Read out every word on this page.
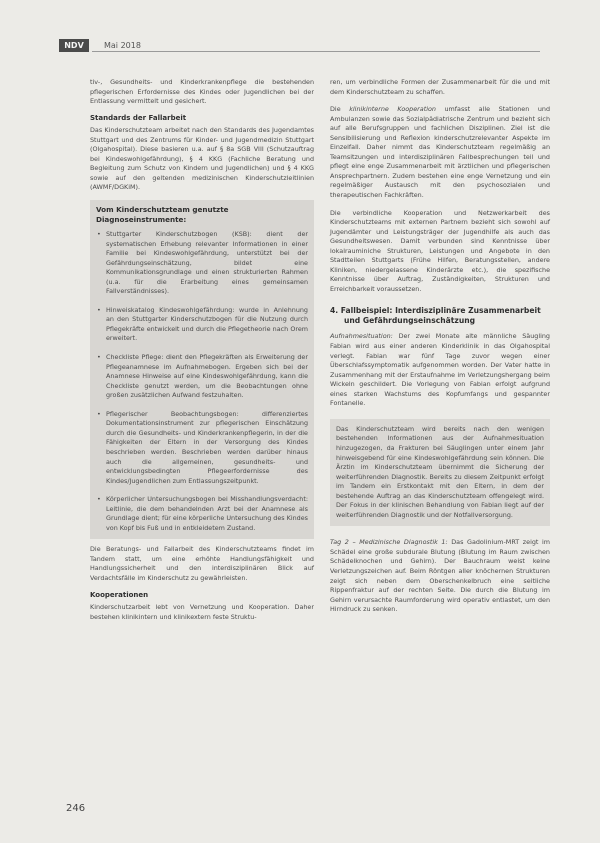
NDV	Mai 2018

tiv-, Gesundheits- und Kinderkrankenpflege die bestehenden pflegerischen Erfordernisse des Kindes oder Jugendlichen bei der Entlassung vermittelt und gesichert.

Standards der Fallarbeit

Das Kinderschutzteam arbeitet nach den Standards des Jugendamtes Stuttgart und des Zentrums für Kinder- und Jugendmedizin Stuttgart (Olgahospital). Diese basieren u.a. auf § 8a SGB VIII (Schutzauftrag bei Kindeswohlgefährdung), § 4 KKG (Fachliche Beratung und Begleitung zum Schutz von Kindern und Jugendlichen) und § 4 KKG sowie auf den geltenden medizinischen Kinderschutzleitlinien (AWMF/DGKiM).

Vom Kinderschutzteam genutzte Diagnoseinstrumente:
• Stuttgarter Kinderschutzbogen (KSB): dient der systematischen Erhebung relevanter Informationen in einer Familie bei Kindeswohlgefährdung, unterstützt bei der Gefährdungseinschätzung, bildet eine Kommunikationsgrundlage und einen strukturierten Rahmen (u.a. für die Erarbeitung eines gemeinsamen Fallverständnisses).
• Hinweiskatalog Kindeswohlgefährdung: wurde in Anlehnung an den Stuttgarter Kinderschutzbogen für die Nutzung durch Pflegekräfte entwickelt und durch die Pflegetheorie nach Orem erweitert.
• Checkliste Pflege: dient den Pflegekräften als Erweiterung der Pflegeanamnese im Aufnahmebogen. Ergeben sich bei der Anamnese Hinweise auf eine Kindeswohlgefährdung, kann die Checkliste genutzt werden, um die Beobachtungen ohne großen zusätzlichen Aufwand festzuhalten.
• Pflegerischer Beobachtungsbogen: differenziertes Dokumentationsinstrument zur pflegerischen Einschätzung durch die Gesundheits- und Kinderkrankenpflegerin, in der die Fähigkeiten der Eltern in der Versorgung des Kindes beschrieben werden. Beschrieben werden darüber hinaus auch die allgemeinen, gesundheits- und entwicklungsbedingten Pflegeerfordernisse des Kindes/Jugendlichen zum Entlassungszeitpunkt.
• Körperlicher Untersuchungsbogen bei Misshandlungsverdacht: Leitlinie, die dem behandelnden Arzt bei der Anamnese als Grundlage dient; für eine körperliche Untersuchung des Kindes von Kopf bis Fuß und in entkleidetem Zustand.

Die Beratungs- und Fallarbeit des Kinderschutzteams findet im Tandem statt, um eine erhöhte Handlungsfähigkeit und Handlungssicherheit und den interdisziplinären Blick auf Verdachtsfälle im Kinderschutz zu gewährleisten.

Kooperationen

Kinderschutzarbeit lebt von Vernetzung und Kooperation. Daher bestehen klinikintern und klinikextern feste Struktu-

ren, um verbindliche Formen der Zusammenarbeit für die und mit dem Kinderschutzteam zu schaffen.

Die klinikinterne Kooperation umfasst alle Stationen und Ambulanzen sowie das Sozialpädiatrische Zentrum und bezieht sich auf alle Berufsgruppen und fachlichen Disziplinen. Ziel ist die Sensibilisierung und Reflexion kinderschutzrelevanter Aspekte im Einzelfall. Daher nimmt das Kinderschutzteam regelmäßig an Teamsitzungen und interdisziplinären Fallbesprechungen teil und pflegt eine enge Zusammenarbeit mit ärztlichen und pflegerischen Ansprechpartnern. Zudem bestehen eine enge Vernetzung und ein regelmäßiger Austausch mit den psychosozialen und therapeutischen Fachkräften.

Die verbindliche Kooperation und Netzwerkarbeit des Kinderschutzteams mit externen Partnern bezieht sich sowohl auf Jugendämter und Leistungsträger der Jugendhilfe als auch das Gesundheitswesen. Damit verbunden sind Kenntnisse über lokalrauminiche Strukturen, Leistungen und Angebote in den Stadtteilen Stuttgarts (Frühe Hilfen, Beratungsstellen, andere Kliniken, niedergelassene Kinderärzte etc.), die spezifische Kenntnisse über Auftrag, Zuständigkeiten, Strukturen und Erreichbarkeit voraussetzen.

4. Fallbeispiel: Interdisziplinäre Zusammenarbeit und Gefährdungseinschätzung

Aufnahmesituation: Der zwei Monate alte männliche Säugling Fabian wird aus einer anderen Kinderklinik in das Olgahospital verlegt. Fabian war fünf Tage zuvor wegen einer Überschlafssymptomatik aufgenommen worden. Der Vater hatte in Zusammenhang mit der Erstaufnahme im Verletzungshergang beim Wickeln geschildert. Die Vorlegung von Fabian erfolgt aufgrund eines starken Wachstums des Kopfumfangs und gespannter Fontanelle.

Das Kinderschutzteam wird bereits nach den wenigen bestehenden Informationen aus der Aufnahmesituation hinzugezogen, da Frakturen bei Säuglingen unter einem Jahr hinweisgebend für eine Kindeswohlgefährdung sein können. Die Ärztin im Kinderschutzteam übernimmt die Sicherung der weiterführenden Diagnostik. Bereits zu diesem Zeitpunkt erfolgt im Tandem ein Erstkontakt mit den Eltern, in dem der bestehende Auftrag an das Kinderschutzteam offengelegt wird. Der Fokus in der klinischen Behandlung von Fabian liegt auf der weiterführenden Diagnostik und der Notfallversorgung.

Tag 2 – Medizinische Diagnostik 1: Das Gadolinium-MRT zeigt im Schädel eine große subdurale Blutung (Blutung im Raum zwischen Schädelknochen und Gehirn). Der Bauchraum weist keine Verletzungszeichen auf. Beim Röntgen aller knöchernen Strukturen zeigt sich neben dem Oberschenkelbruch eine seitliche Rippenfraktur auf der rechten Seite. Die durch die Blutung im Gehirn verursachte Raumforderung wird operativ entlastet, um den Hirndruck zu senken.

246
